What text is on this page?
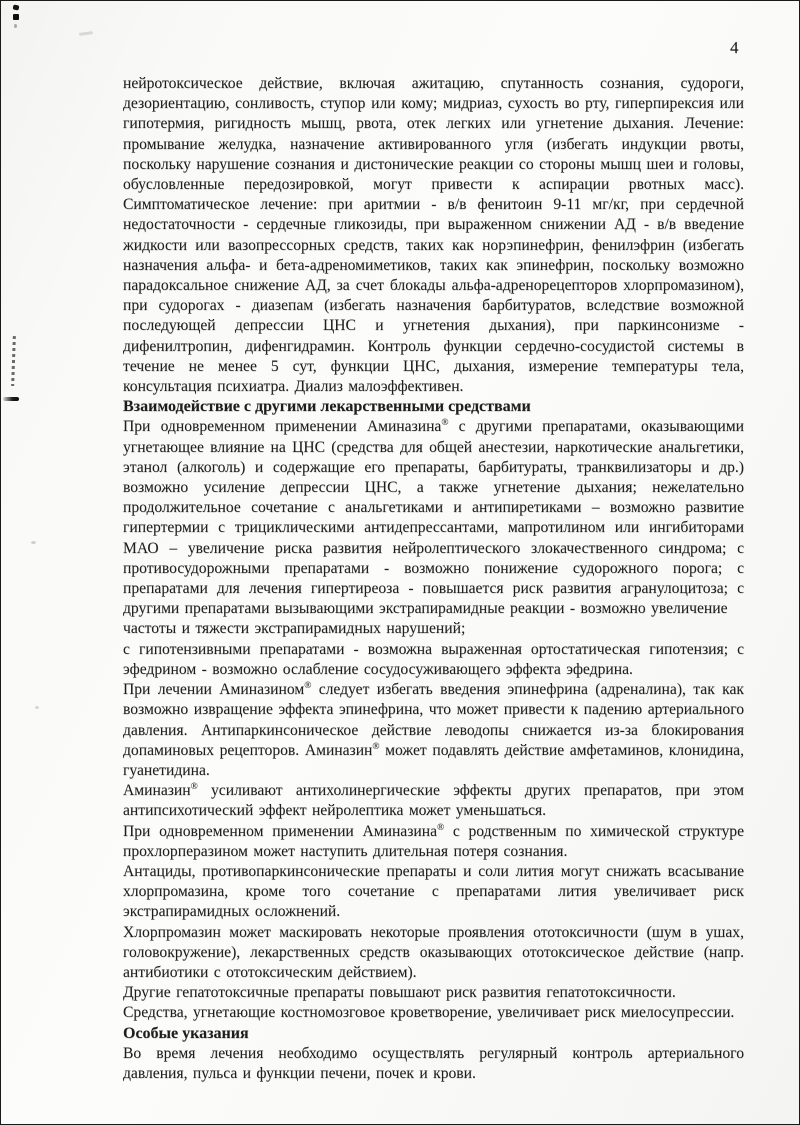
4

нейротоксическое действие, включая ажитацию, спутанность сознания, судороги, дезориентацию, сонливость, ступор или кому; мидриаз, сухость во рту, гиперпирексия или гипотермия, ригидность мышц, рвота, отек легких или угнетение дыхания. Лечение: промывание желудка, назначение активированного угля (избегать индукции рвоты, поскольку нарушение сознания и дистонические реакции со стороны мышц шеи и головы, обусловленные передозировкой, могут привести к аспирации рвотных масс). Симптоматическое лечение: при аритмии - в/в фенитоин 9-11 мг/кг, при сердечной недостаточности - сердечные гликозиды, при выраженном снижении АД - в/в введение жидкости или вазопрессорных средств, таких как норэпинефрин, фенилэфрин (избегать назначения альфа- и бета-адреномиметиков, таких как эпинефрин, поскольку возможно парадоксальное снижение АД, за счет блокады альфа-адренорецепторов хлорпромазином), при судорогах - диазепам (избегать назначения барбитуратов, вследствие возможной последующей депрессии ЦНС и угнетения дыхания), при паркинсонизме - дифенилтропин, дифенгидрамин. Контроль функции сердечно-сосудистой системы в течение не менее 5 сут, функции ЦНС, дыхания, измерение температуры тела, консультация психиатра. Диализ малоэффективен.

Взаимодействие с другими лекарственными средствами

При одновременном применении Аминазина® с другими препаратами, оказывающими угнетающее влияние на ЦНС (средства для общей анестезии, наркотические анальгетики, этанол (алкоголь) и содержащие его препараты, барбитураты, транквилизаторы и др.) возможно усиление депрессии ЦНС, а также угнетение дыхания; нежелательно продолжительное сочетание с анальгетиками и антипиретиками – возможно развитие гипертермии с трициклическими антидепрессантами, мапротилином или ингибиторами МАО – увеличение риска развития нейролептического злокачественного синдрома; с противосудорожными препаратами - возможно понижение судорожного порога; с препаратами для лечения гипертиреоза - повышается риск развития агранулоцитоза; с другими препаратами вызывающими экстрапирамидные реакции - возможно увеличение

частоты и тяжести экстрапирамидных нарушений;

с гипотензивными препаратами - возможна выраженная ортостатическая гипотензия; с эфедрином - возможно ослабление сосудосуживающего эффекта эфедрина.

При лечении Аминазином® следует избегать введения эпинефрина (адреналина), так как возможно извращение эффекта эпинефрина, что может привести к падению артериального давления. Антипаркинсоническое действие леводопы снижается из-за блокирования допаминовых рецепторов. Аминазин® может подавлять действие амфетаминов, клонидина, гуанетидина.

Аминазин® усиливают антихолинергические эффекты других препаратов, при этом антипсихотический эффект нейролептика может уменьшаться.

При одновременном применении Аминазина® с родственным по химической структуре прохлорперазином может наступить длительная потеря сознания.

Антациды, противопаркинсонические препараты и соли лития могут снижать всасывание хлорпромазина, кроме того сочетание с препаратами лития увеличивает риск экстрапирамидных осложнений.

Хлорпромазин может маскировать некоторые проявления ототоксичности (шум в ушах, головокружение), лекарственных средств оказывающих ототоксическое действие (напр. антибиотики с ототоксическим действием).

Другие гепатотоксичные препараты повышают риск развития гепатотоксичности.

Средства, угнетающие костномозговое кроветворение, увеличивает риск миелосупрессии.

Особые указания

Во время лечения необходимо осуществлять регулярный контроль артериального давления, пульса и функции печени, почек и крови.
